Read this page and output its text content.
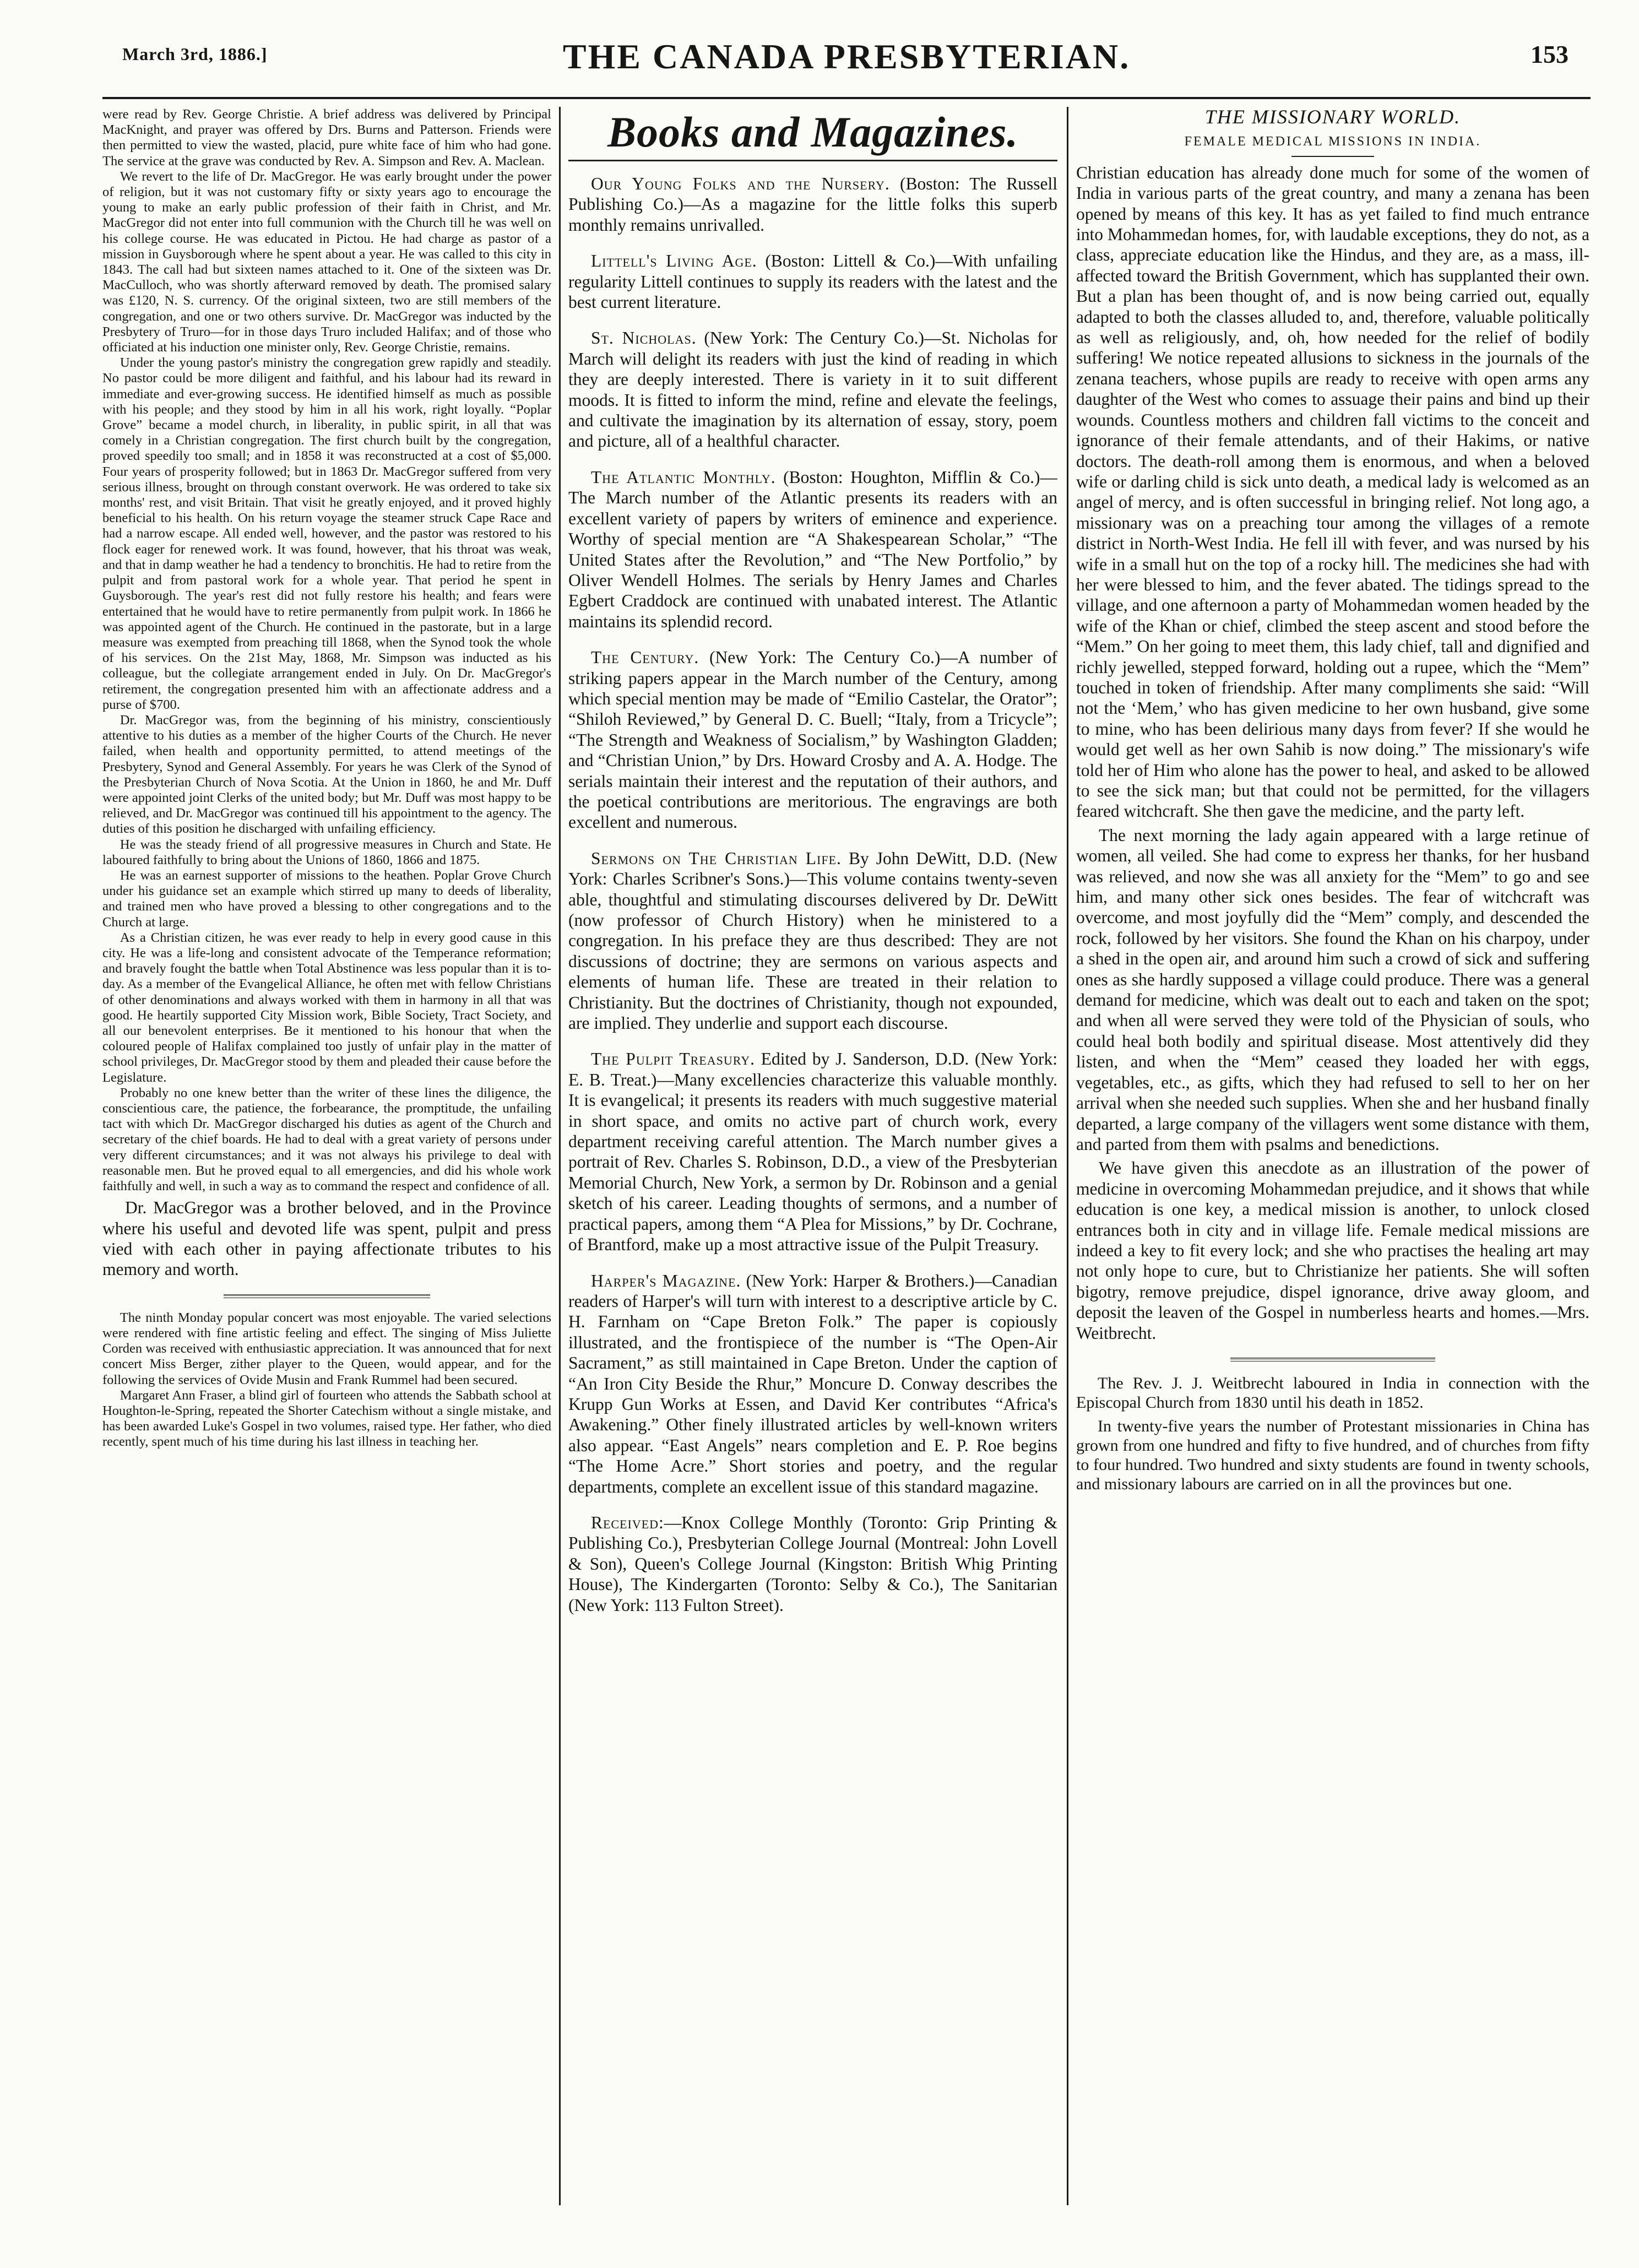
March 3rd, 1886.]	THE CANADA PRESBYTERIAN.	153

were read by Rev. George Christie. A brief address was delivered by Principal MacKnight, and prayer was offered by Drs. Burns and Patterson. Friends were then permitted to view the wasted, placid, pure white face of him who had gone. The service at the grave was conducted by Rev. A. Simpson and Rev. A. Maclean.

We revert to the life of Dr. MacGregor. He was early brought under the power of religion, but it was not customary fifty or sixty years ago to encourage the young to make an early public profession of their faith in Christ, and Mr. MacGregor did not enter into full communion with the Church till he was well on his college course. He was educated in Pictou. He had charge as pastor of a mission in Guysborough where he spent about a year. He was called to this city in 1843. The call had but sixteen names attached to it. One of the sixteen was Dr. MacCulloch, who was shortly afterward removed by death. The promised salary was £120, N. S. currency. Of the original sixteen, two are still members of the congregation, and one or two others survive. Dr. MacGregor was inducted by the Presbytery of Truro—for in those days Truro included Halifax; and of those who officiated at his induction one minister only, Rev. George Christie, remains.

Under the young pastor's ministry the congregation grew rapidly and steadily. No pastor could be more diligent and faithful, and his labour had its reward in immediate and ever-growing success. He identified himself as much as possible with his people; and they stood by him in all his work, right loyally. “Poplar Grove” became a model church, in liberality, in public spirit, in all that was comely in a Christian congregation. The first church built by the congregation, proved speedily too small; and in 1858 it was reconstructed at a cost of $5,000. Four years of prosperity followed; but in 1863 Dr. MacGregor suffered from very serious illness, brought on through constant overwork. He was ordered to take six months' rest, and visit Britain. That visit he greatly enjoyed, and it proved highly beneficial to his health. On his return voyage the steamer struck Cape Race and had a narrow escape. All ended well, however, and the pastor was restored to his flock eager for renewed work. It was found, however, that his throat was weak, and that in damp weather he had a tendency to bronchitis. He had to retire from the pulpit and from pastoral work for a whole year. That period he spent in Guysborough. The year's rest did not fully restore his health; and fears were entertained that he would have to retire permanently from pulpit work. In 1866 he was appointed agent of the Church. He continued in the pastorate, but in a large measure was exempted from preaching till 1868, when the Synod took the whole of his services. On the 21st May, 1868, Mr. Simpson was inducted as his colleague, but the collegiate arrangement ended in July. On Dr. MacGregor's retirement, the congregation presented him with an affectionate address and a purse of $700.

Dr. MacGregor was, from the beginning of his ministry, conscientiously attentive to his duties as a member of the higher Courts of the Church. He never failed, when health and opportunity permitted, to attend meetings of the Presbytery, Synod and General Assembly. For years he was Clerk of the Synod of the Presbyterian Church of Nova Scotia. At the Union in 1860, he and Mr. Duff were appointed joint Clerks of the united body; but Mr. Duff was most happy to be relieved, and Dr. MacGregor was continued till his appointment to the agency. The duties of this position he discharged with unfailing efficiency.

He was the steady friend of all progressive measures in Church and State. He laboured faithfully to bring about the Unions of 1860, 1866 and 1875.

He was an earnest supporter of missions to the heathen. Poplar Grove Church under his guidance set an example which stirred up many to deeds of liberality, and trained men who have proved a blessing to other congregations and to the Church at large.

As a Christian citizen, he was ever ready to help in every good cause in this city. He was a life-long and consistent advocate of the Temperance reformation; and bravely fought the battle when Total Abstinence was less popular than it is to-day. As a member of the Evangelical Alliance, he often met with fellow Christians of other denominations and always worked with them in harmony in all that was good. He heartily supported City Mission work, Bible Society, Tract Society, and all our benevolent enterprises. Be it mentioned to his honour that when the coloured people of Halifax complained too justly of unfair play in the matter of school privileges, Dr. MacGregor stood by them and pleaded their cause before the Legislature.

Probably no one knew better than the writer of these lines the diligence, the conscientious care, the patience, the forbearance, the promptitude, the unfailing tact with which Dr. MacGregor discharged his duties as agent of the Church and secretary of the chief boards. He had to deal with a great variety of persons under very different circumstances; and it was not always his privilege to deal with reasonable men. But he proved equal to all emergencies, and did his whole work faithfully and well, in such a way as to command the respect and confidence of all.

Dr. MacGregor was a brother beloved, and in the Province where his useful and devoted life was spent, pulpit and press vied with each other in paying affectionate tributes to his memory and worth.

The ninth Monday popular concert was most enjoyable. The varied selections were rendered with fine artistic feeling and effect. The singing of Miss Juliette Corden was received with enthusiastic appreciation. It was announced that for next concert Miss Berger, zither player to the Queen, would appear, and for the following the services of Ovide Musin and Frank Rummel had been secured.

Margaret Ann Fraser, a blind girl of fourteen who attends the Sabbath school at Houghton-le-Spring, repeated the Shorter Catechism without a single mistake, and has been awarded Luke's Gospel in two volumes, raised type. Her father, who died recently, spent much of his time during his last illness in teaching her.

Books and Magazines.

Our Young Folks and the Nursery. (Boston: The Russell Publishing Co.)—As a magazine for the little folks this superb monthly remains unrivalled.

Littell's Living Age. (Boston: Littell & Co.)—With unfailing regularity Littell continues to supply its readers with the latest and the best current literature.

St. Nicholas. (New York: The Century Co.)—St. Nicholas for March will delight its readers with just the kind of reading in which they are deeply interested. There is variety in it to suit different moods. It is fitted to inform the mind, refine and elevate the feelings, and cultivate the imagination by its alternation of essay, story, poem and picture, all of a healthful character.

The Atlantic Monthly. (Boston: Houghton, Mifflin & Co.)—The March number of the Atlantic presents its readers with an excellent variety of papers by writers of eminence and experience. Worthy of special mention are “A Shakespearean Scholar,” “The United States after the Revolution,” and “The New Portfolio,” by Oliver Wendell Holmes. The serials by Henry James and Charles Egbert Craddock are continued with unabated interest. The Atlantic maintains its splendid record.

The Century. (New York: The Century Co.)—A number of striking papers appear in the March number of the Century, among which special mention may be made of “Emilio Castelar, the Orator”; “Shiloh Reviewed,” by General D. C. Buell; “Italy, from a Tricycle”; “The Strength and Weakness of Socialism,” by Washington Gladden; and “Christian Union,” by Drs. Howard Crosby and A. A. Hodge. The serials maintain their interest and the reputation of their authors, and the poetical contributions are meritorious. The engravings are both excellent and numerous.

Sermons on The Christian Life. By John DeWitt, D.D. (New York: Charles Scribner's Sons.)—This volume contains twenty-seven able, thoughtful and stimulating discourses delivered by Dr. DeWitt (now professor of Church History) when he ministered to a congregation. In his preface they are thus described: They are not discussions of doctrine; they are sermons on various aspects and elements of human life. These are treated in their relation to Christianity. But the doctrines of Christianity, though not expounded, are implied. They underlie and support each discourse.

The Pulpit Treasury. Edited by J. Sanderson, D.D. (New York: E. B. Treat.)—Many excellencies characterize this valuable monthly. It is evangelical; it presents its readers with much suggestive material in short space, and omits no active part of church work, every department receiving careful attention. The March number gives a portrait of Rev. Charles S. Robinson, D.D., a view of the Presbyterian Memorial Church, New York, a sermon by Dr. Robinson and a genial sketch of his career. Leading thoughts of sermons, and a number of practical papers, among them “A Plea for Missions,” by Dr. Cochrane, of Brantford, make up a most attractive issue of the Pulpit Treasury.

Harper's Magazine. (New York: Harper & Brothers.)—Canadian readers of Harper's will turn with interest to a descriptive article by C. H. Farnham on “Cape Breton Folk.” The paper is copiously illustrated, and the frontispiece of the number is “The Open-Air Sacrament,” as still maintained in Cape Breton. Under the caption of “An Iron City Beside the Rhur,” Moncure D. Conway describes the Krupp Gun Works at Essen, and David Ker contributes “Africa's Awakening.” Other finely illustrated articles by well-known writers also appear. “East Angels” nears completion and E. P. Roe begins “The Home Acre.” Short stories and poetry, and the regular departments, complete an excellent issue of this standard magazine.

Received:—Knox College Monthly (Toronto: Grip Printing & Publishing Co.), Presbyterian College Journal (Montreal: John Lovell & Son), Queen's College Journal (Kingston: British Whig Printing House), The Kindergarten (Toronto: Selby & Co.), The Sanitarian (New York: 113 Fulton Street).

THE MISSIONARY WORLD.
FEMALE MEDICAL MISSIONS IN INDIA.

Christian education has already done much for some of the women of India in various parts of the great country, and many a zenana has been opened by means of this key. It has as yet failed to find much entrance into Mohammedan homes, for, with laudable exceptions, they do not, as a class, appreciate education like the Hindus, and they are, as a mass, ill-affected toward the British Government, which has supplanted their own. But a plan has been thought of, and is now being carried out, equally adapted to both the classes alluded to, and, therefore, valuable politically as well as religiously, and, oh, how needed for the relief of bodily suffering! We notice repeated allusions to sickness in the journals of the zenana teachers, whose pupils are ready to receive with open arms any daughter of the West who comes to assuage their pains and bind up their wounds. Countless mothers and children fall victims to the conceit and ignorance of their female attendants, and of their Hakims, or native doctors. The death-roll among them is enormous, and when a beloved wife or darling child is sick unto death, a medical lady is welcomed as an angel of mercy, and is often successful in bringing relief. Not long ago, a missionary was on a preaching tour among the villages of a remote district in North-West India. He fell ill with fever, and was nursed by his wife in a small hut on the top of a rocky hill. The medicines she had with her were blessed to him, and the fever abated. The tidings spread to the village, and one afternoon a party of Mohammedan women headed by the wife of the Khan or chief, climbed the steep ascent and stood before the “Mem.” On her going to meet them, this lady chief, tall and dignified and richly jewelled, stepped forward, holding out a rupee, which the “Mem” touched in token of friendship. After many compliments she said: “Will not the ‘Mem,’ who has given medicine to her own husband, give some to mine, who has been delirious many days from fever? If she would he would get well as her own Sahib is now doing.” The missionary's wife told her of Him who alone has the power to heal, and asked to be allowed to see the sick man; but that could not be permitted, for the villagers feared witchcraft. She then gave the medicine, and the party left.

The next morning the lady again appeared with a large retinue of women, all veiled. She had come to express her thanks, for her husband was relieved, and now she was all anxiety for the “Mem” to go and see him, and many other sick ones besides. The fear of witchcraft was overcome, and most joyfully did the “Mem” comply, and descended the rock, followed by her visitors. She found the Khan on his charpoy, under a shed in the open air, and around him such a crowd of sick and suffering ones as she hardly supposed a village could produce. There was a general demand for medicine, which was dealt out to each and taken on the spot; and when all were served they were told of the Physician of souls, who could heal both bodily and spiritual disease. Most attentively did they listen, and when the “Mem” ceased they loaded her with eggs, vegetables, etc., as gifts, which they had refused to sell to her on her arrival when she needed such supplies. When she and her husband finally departed, a large company of the villagers went some distance with them, and parted from them with psalms and benedictions.

We have given this anecdote as an illustration of the power of medicine in overcoming Mohammedan prejudice, and it shows that while education is one key, a medical mission is another, to unlock closed entrances both in city and in village life. Female medical missions are indeed a key to fit every lock; and she who practises the healing art may not only hope to cure, but to Christianize her patients. She will soften bigotry, remove prejudice, dispel ignorance, drive away gloom, and deposit the leaven of the Gospel in numberless hearts and homes.—Mrs. Weitbrecht.

The Rev. J. J. Weitbrecht laboured in India in connection with the Episcopal Church from 1830 until his death in 1852.

In twenty-five years the number of Protestant missionaries in China has grown from one hundred and fifty to five hundred, and of churches from fifty to four hundred. Two hundred and sixty students are found in twenty schools, and missionary labours are carried on in all the provinces but one.
